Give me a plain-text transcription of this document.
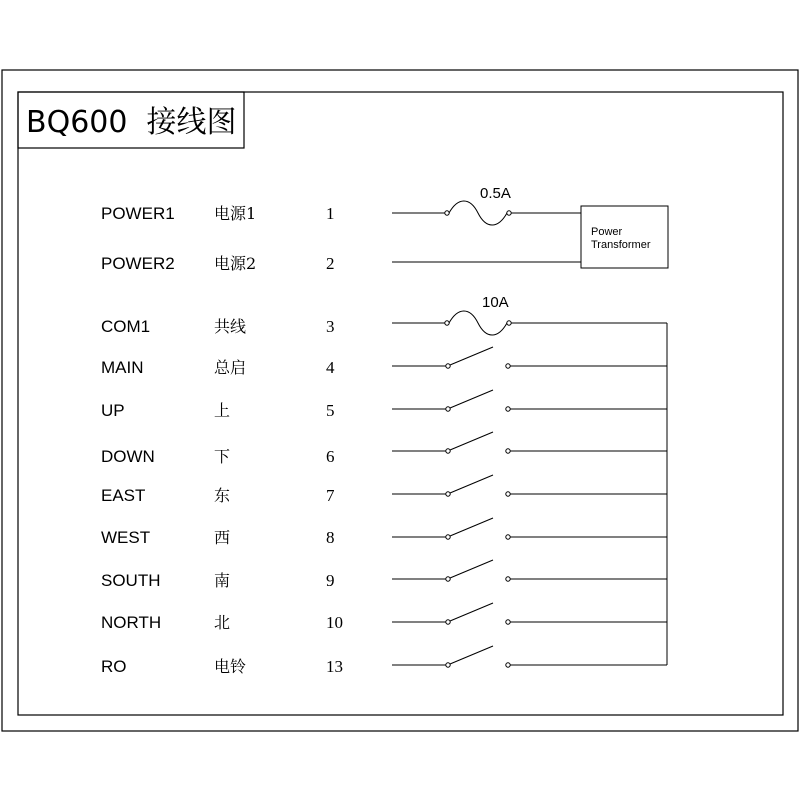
BQ600  接线图
POWER1 电源1	1
POWER2 电源2	2
COM1	共线	3
MAIN	总启	4
UP	上	5
DOWN	下	6
EAST	东	7
WEST	西	8
SOUTH	南	9
NORTH	北	10
RO	电铃	13
0.5A
Power
Transformer
10A
